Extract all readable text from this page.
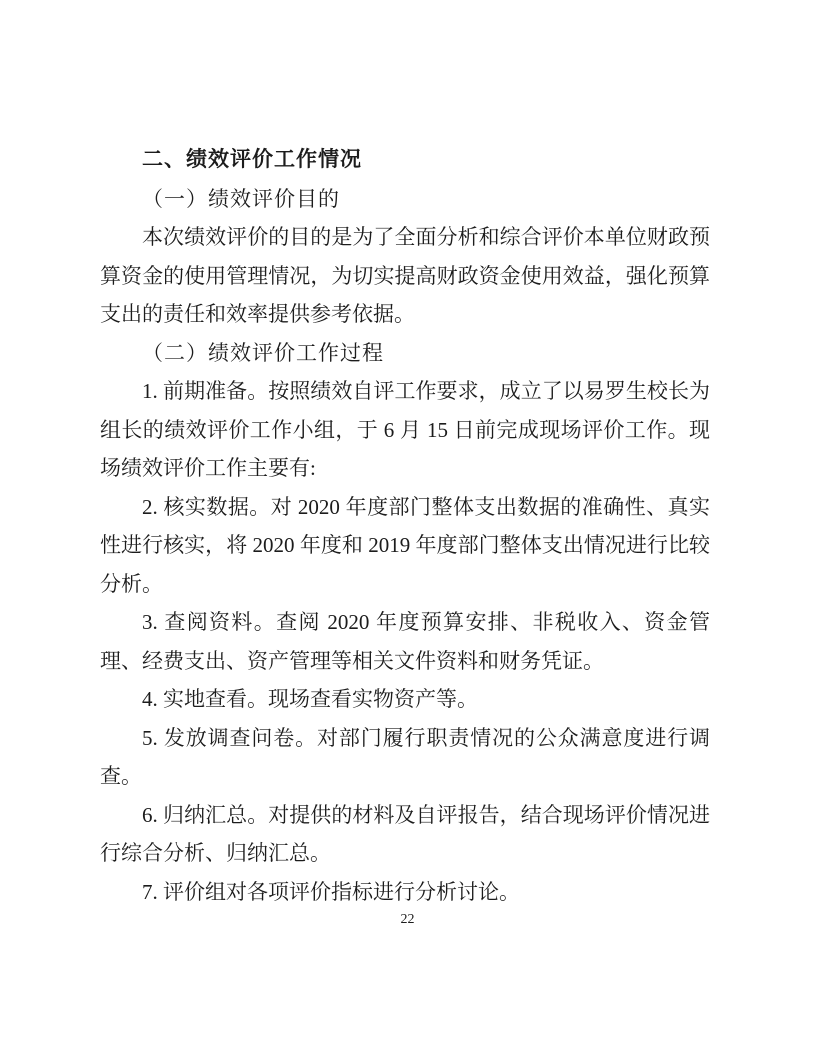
二、绩效评价工作情况

（一）绩效评价目的

本次绩效评价的目的是为了全面分析和综合评价本单位财政预算资金的使用管理情况，为切实提高财政资金使用效益，强化预算支出的责任和效率提供参考依据。

（二）绩效评价工作过程

1. 前期准备。按照绩效自评工作要求，成立了以易罗生校长为组长的绩效评价工作小组，于 6 月 15 日前完成现场评价工作。现场绩效评价工作主要有:

2. 核实数据。对 2020 年度部门整体支出数据的准确性、真实性进行核实，将 2020 年度和 2019 年度部门整体支出情况进行比较分析。

3. 查阅资料。查阅 2020 年度预算安排、非税收入、资金管理、经费支出、资产管理等相关文件资料和财务凭证。

4. 实地查看。现场查看实物资产等。

5. 发放调查问卷。对部门履行职责情况的公众满意度进行调查。

6. 归纳汇总。对提供的材料及自评报告，结合现场评价情况进行综合分析、归纳汇总。

7. 评价组对各项评价指标进行分析讨论。

22
